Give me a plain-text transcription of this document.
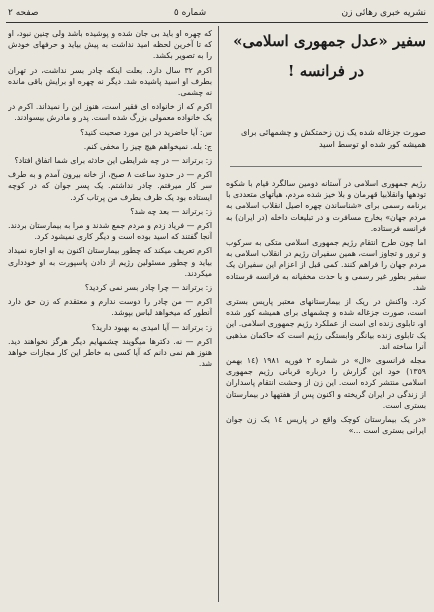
نشریه خبری رهائی زن
شماره ٥
صفحه ٢
سفیر «عدل جمهوری اسلامی»
در فرانسه !
صورت جزغاله شده یک زن زحمتکش و چشمهائی برای همیشه کور شده او توسط اسید

رژیم جمهوری اسلامی در آستانه دومین سالگرد قیام با شکوه تودهها وانقلابیا قهرمان و بلا خیز شده مردم، هیأتهای متعددی با برنامه رسمی برای «شناساندن چهره اصیل انقلاب اسلامی به مردم جهان» بخارج مسافرت و در تبلیغات داخله (در ایران) به فرانسه فرستاده.

اما چون طرح انتقام رژیم جمهوری اسلامی متکی به سرکوب و ترور و تجاوز است، همین سفیران رژیم در انقلاب اسلامی به مردم جهان را فراهم کنند. کمی قبل از اعزام این سفیران یک سفیر بطور غیر رسمی و با حدت مخفیانه به فرانسه فرستاده شد.

کرد. واکنش در ریک از بیمارستانهای معتبر پاریس بستری است، صورت جزغاله شده و چشمهای برای همیشه کور شده او، تابلوی زنده ای است از عملکرد رژیم جمهوری اسلامی. این یک تابلوی زنده بیانگر وابستگی رژیم است که حاکمان مذهبی آنرا ساخته اند.

مجله فرانسوی «ال» در شماره ٢ فوریه ١٩٨١ (١٤ بهمن ١٣٥٩) خود این گزارش را درباره قربانی رژیم جمهوری اسلامی منتشر کرده است. این زن از وحشت انتقام پاسداران از زندگی در ایران گریخته و اکنون پس از هفتهها در بیمارستان بستری است.

«در یک بیمارستان کوچک واقع در پاریس ١٤ یک زن جوان ایرانی بستری است ...»

که چهره او باید بی جان شده و پوشیده باشد ولی چنین نبود، او که تا آخرین لحظه امید نداشت به پیش بیاید و حرفهای خودش را به تصویر بکشد.

اکرم ٣٢ سال دارد. بعلت اینکه چادر بسر نداشت، در تهران بطرف او اسید پاشیده شد. دیگر نه چهره او برایش باقی مانده نه چشمی.

اکرم که از خانواده ای فقیر است، هنوز این را نمیداند. اکرم در یک خانواده معمولی بزرگ شده است. پدر و مادرش بیسوادند.

س: آیا حاضرید در این مورد صحبت کنید؟

ج: بله. نمیخواهم هیچ چیز را مخفی کنم.

ز: برتراند — در چه شرایطی این حادثه برای شما اتفاق افتاد؟

اکرم — در حدود ساعت ٨ صبح، از خانه بیرون آمدم و به طرف سر کار میرفتم. چادر نداشتم. یک پسر جوان که در کوچه ایستاده بود یک ظرف بطرف من پرتاب کرد.

ز: برتراند — بعد چه شد؟

اکرم — فریاد زدم و مردم جمع شدند و مرا به بیمارستان بردند. آنجا گفتند که اسید بوده است و دیگر کاری نمیشود کرد.

اکرم تعریف میکند که چطور بیمارستان اکنون به او اجازه نمیداد بیاید و چطور مسئولین رژیم از دادن پاسپورت به او خودداری میکردند.

ز: برتراند — چرا چادر بسر نمی کردید؟

اکرم — من چادر را دوست ندارم و معتقدم که زن حق دارد آنطور که میخواهد لباس بپوشد.

ز: برتراند — آیا امیدی به بهبود دارید؟

اکرم — نه. دکترها میگویند چشمهایم دیگر هرگز نخواهند دید. هنوز هم نمی دانم که آیا کسی به خاطر این کار مجازات خواهد شد.
